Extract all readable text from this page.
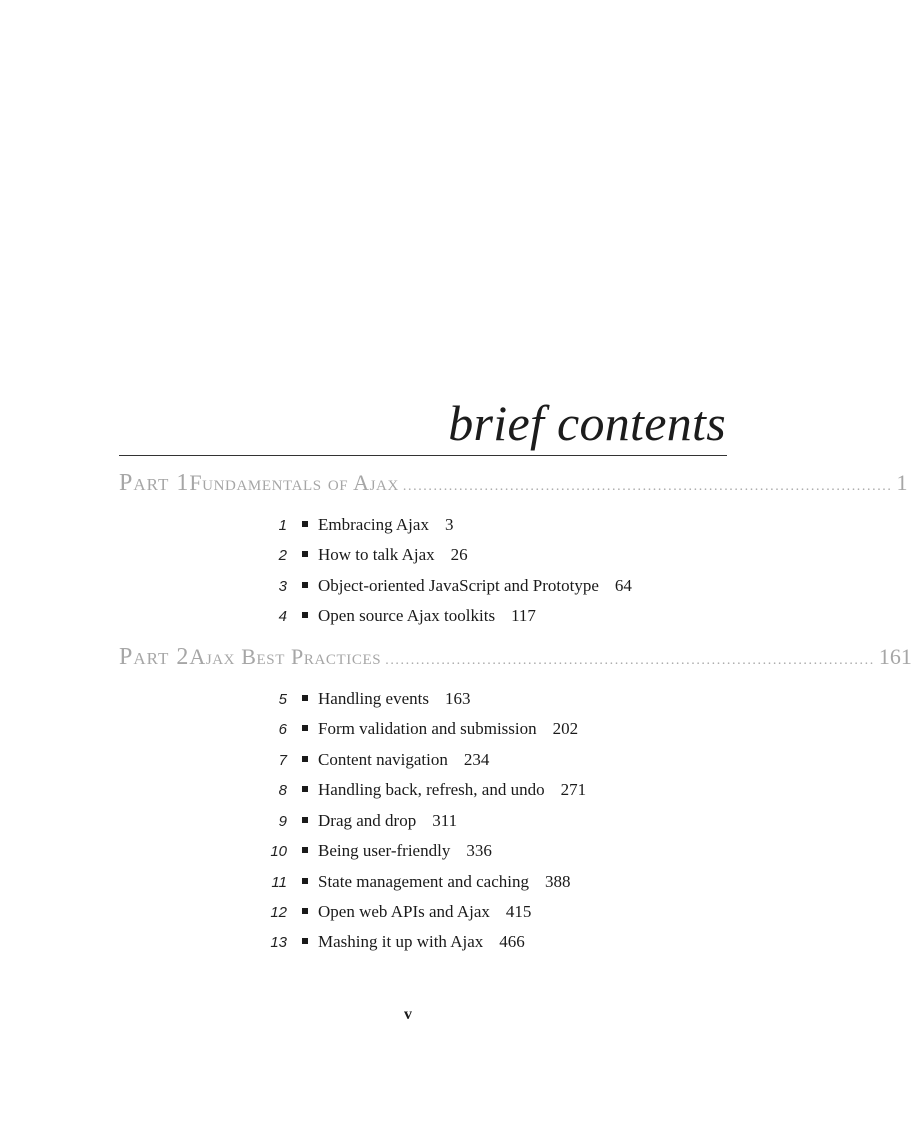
brief contents
Part 1 Fundamentals of Ajax ................................................................................................ 1
1 Embracing Ajax 3
2 How to talk Ajax 26
3 Object-oriented JavaScript and Prototype 64
4 Open source Ajax toolkits 117
Part 2 Ajax Best Practices ................................................................................................ 161
5 Handling events 163
6 Form validation and submission 202
7 Content navigation 234
8 Handling back, refresh, and undo 271
9 Drag and drop 311
10 Being user-friendly 336
11 State management and caching 388
12 Open web APIs and Ajax 415
13 Mashing it up with Ajax 466
v
